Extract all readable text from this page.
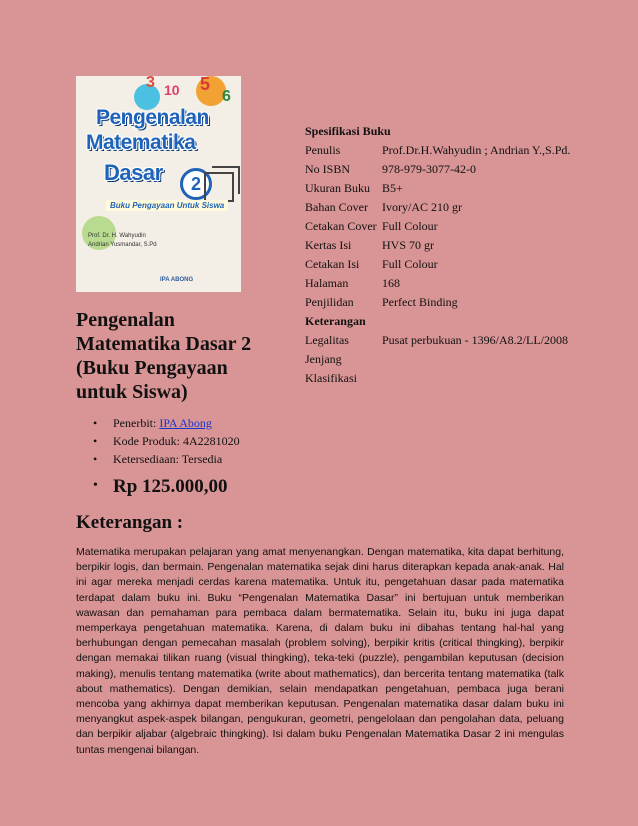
3 10 5
6
Pengenalan
Matematika
Dasar	2
Buku Pengayaan Untuk Siswa
Prof. Dr. H. Wahyudin
Andrian Yusmandar, S.Pd
IPA ABONG
Spesifikasi Buku	
Penulis	Prof.Dr.H.Wahyudin ; Andrian Y.,S.Pd.
No ISBN	978-979-3077-42-0
Ukuran Buku	B5+
Bahan Cover	Ivory/AC 210 gr
Cetakan Cover	Full Colour
Kertas Isi	HVS 70 gr
Cetakan Isi	Full Colour
Halaman	168
Penjilidan	Perfect Binding
Keterangan	
Legalitas	Pusat perbukuan - 1396/A8.2/LL/2008
Jenjang	
Klasifikasi	
Pengenalan Matematika Dasar 2 (Buku Pengayaan untuk Siswa)
• Penerbit: IPA Abong
• Kode Produk: 4A2281020
• Ketersediaan: Tersedia
• Rp 125.000,00
Keterangan :

Matematika merupakan pelajaran yang amat menyenangkan. Dengan matematika, kita dapat berhitung, berpikir logis, dan bermain. Pengenalan matematika sejak dini harus diterapkan kepada anak-anak. Hal ini agar mereka menjadi cerdas karena matematika. Untuk itu, pengetahuan dasar pada matematika terdapat dalam buku ini. Buku “Pengenalan Matematika Dasar” ini bertujuan untuk memberikan wawasan dan pemahaman para pembaca dalam bermatematika. Selain itu, buku ini juga dapat memperkaya pengetahuan matematika. Karena, di dalam buku ini dibahas tentang hal-hal yang berhubungan dengan pemecahan masalah (problem solving), berpikir kritis (critical thingking), berpikir dengan memakai tilikan ruang (visual thingking), teka-teki (puzzle), pengambilan keputusan (decision making), menulis tentang matematika (write about mathematics), dan bercerita tentang matematika (talk about mathematics). Dengan demikian, selain mendapatkan pengetahuan, pembaca juga berani mencoba yang akhirnya dapat memberikan keputusan. Pengenalan matematika dasar dalam buku ini menyangkut aspek-aspek bilangan, pengukuran, geometri, pengelolaan dan pengolahan data, peluang dan berpikir aljabar (algebraic thingking). Isi dalam buku Pengenalan Matematika Dasar 2 ini mengulas tuntas mengenai bilangan.
